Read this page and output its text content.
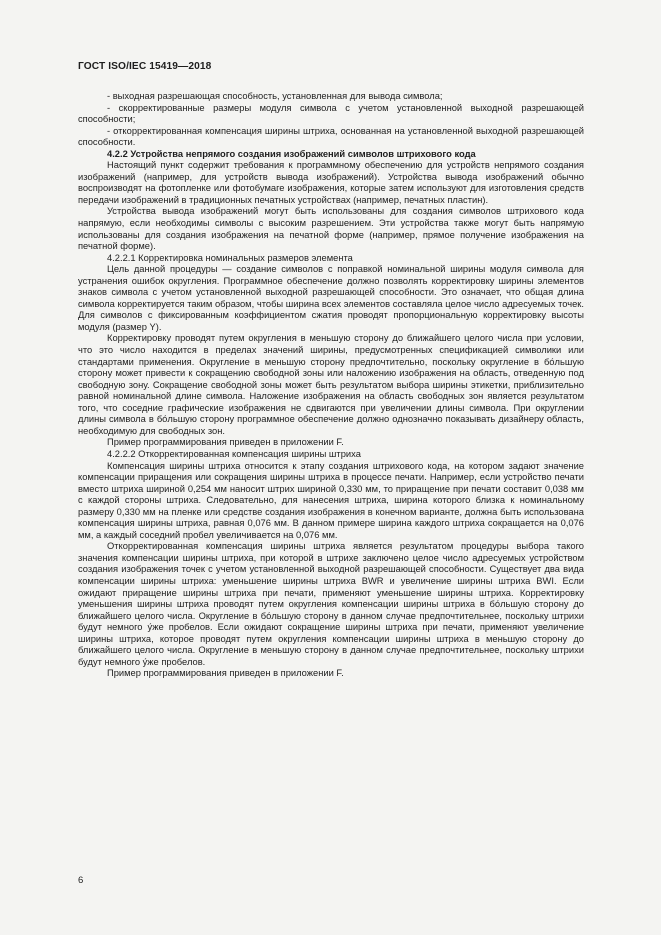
ГОСТ ISO/IEC 15419—2018

- выходная разрешающая способность, установленная для вывода символа;

- скорректированные размеры модуля символа с учетом установленной выходной разрешающей способности;

- откорректированная компенсация ширины штриха, основанная на установленной выходной разрешающей способности.

4.2.2 Устройства непрямого создания изображений символов штрихового кода

Настоящий пункт содержит требования к программному обеспечению для устройств непрямого создания изображений (например, для устройств вывода изображений). Устройства вывода изображений обычно воспроизводят на фотопленке или фотобумаге изображения, которые затем используют для изготовления средств передачи изображений в традиционных печатных устройствах (например, печатных пластин).

Устройства вывода изображений могут быть использованы для создания символов штрихового кода напрямую, если необходимы символы с высоким разрешением. Эти устройства также могут быть напрямую использованы для создания изображения на печатной форме (например, прямое получение изображения на печатной форме).

4.2.2.1 Корректировка номинальных размеров элемента

Цель данной процедуры — создание символов с поправкой номинальной ширины модуля символа для устранения ошибок округления. Программное обеспечение должно позволять корректировку ширины элементов знаков символа с учетом установленной выходной разрешающей способности. Это означает, что общая длина символа корректируется таким образом, чтобы ширина всех элементов составляла целое число адресуемых точек. Для символов с фиксированным коэффициентом сжатия проводят пропорциональную корректировку высоты модуля (размер Y).

Корректировку проводят путем округления в меньшую сторону до ближайшего целого числа при условии, что это число находится в пределах значений ширины, предусмотренных спецификацией символики или стандартами применения. Округление в меньшую сторону предпочтительно, поскольку округление в бо́льшую сторону может привести к сокращению свободной зоны или наложению изображения на область, отведенную под свободную зону. Сокращение свободной зоны может быть результатом выбора ширины этикетки, приблизительно равной номинальной длине символа. Наложение изображения на область свободных зон является результатом того, что соседние графические изображения не сдвигаются при увеличении длины символа. При округлении длины символа в бо́льшую сторону программное обеспечение должно однозначно показывать дизайнеру область, необходимую для свободных зон.

Пример программирования приведен в приложении F.

4.2.2.2 Откорректированная компенсация ширины штриха

Компенсация ширины штриха относится к этапу создания штрихового кода, на котором задают значение компенсации приращения или сокращения ширины штриха в процессе печати. Например, если устройство печати вместо штриха шириной 0,254 мм наносит штрих шириной 0,330 мм, то приращение при печати составит 0,038 мм с каждой стороны штриха. Следовательно, для нанесения штриха, ширина которого близка к номинальному размеру 0,330 мм на пленке или средстве создания изображения в конечном варианте, должна быть использована компенсация ширины штриха, равная 0,076 мм. В данном примере ширина каждого штриха сокращается на 0,076 мм, а каждый соседний пробел увеличивается на 0,076 мм.

Откорректированная компенсация ширины штриха является результатом процедуры выбора такого значения компенсации ширины штриха, при которой в штрихе заключено целое число адресуемых устройством создания изображения точек с учетом установленной выходной разрешающей способности. Существует два вида компенсации ширины штриха: уменьшение ширины штриха BWR и увеличение ширины штриха BWI. Если ожидают приращение ширины штриха при печати, применяют уменьшение ширины штриха. Корректировку уменьшения ширины штриха проводят путем округления компенсации ширины штриха в бо́льшую сторону до ближайшего целого числа. Округление в бо́льшую сторону в данном случае предпочтительнее, поскольку штрихи будут немного у́же пробелов. Если ожидают сокращение ширины штриха при печати, применяют увеличение ширины штриха, которое проводят путем округления компенсации ширины штриха в меньшую сторону до ближайшего целого числа. Округление в меньшую сторону в данном случае предпочтительнее, поскольку штрихи будут немного у́же пробелов.

Пример программирования приведен в приложении F.

6
